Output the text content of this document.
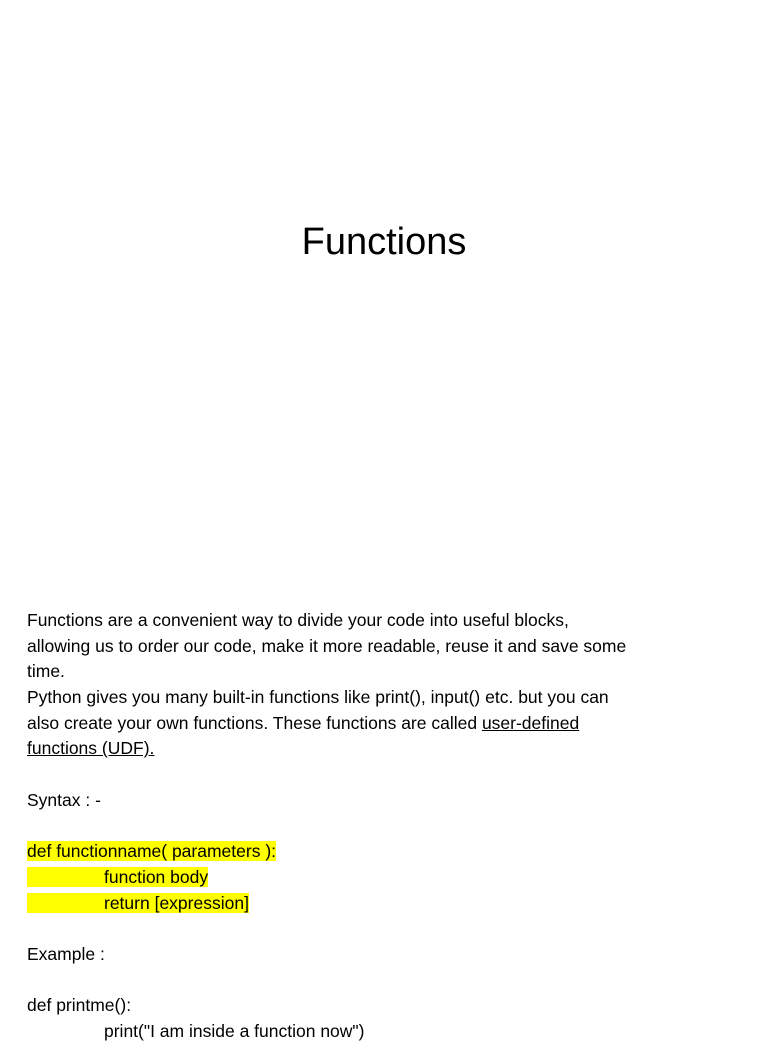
Functions
Functions are a convenient way to divide your code into useful blocks,
allowing us to order our code, make it more readable, reuse it and save some
time.
Python gives you many built-in functions like print(), input() etc. but you can
also create your own functions. These functions are called user-defined
functions (UDF).
Syntax : -
def functionname( parameters ):
function body
return [expression]
Example :
def printme():
print("I am inside a function now")
